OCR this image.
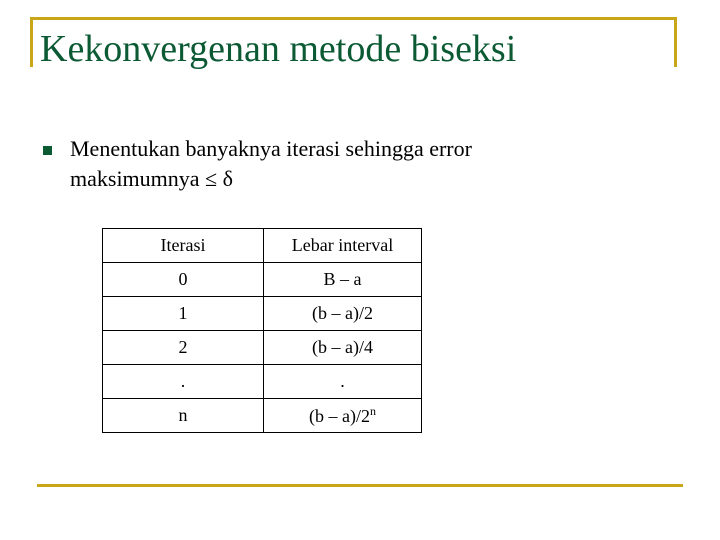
Kekonvergenan metode biseksi
Menentukan banyaknya iterasi sehingga error
maksimumnya ≤ δ
Iterasi	Lebar interval
0	B – a
1	(b – a)/2
2	(b – a)/4
.	.
n	(b – a)/2$^n$
